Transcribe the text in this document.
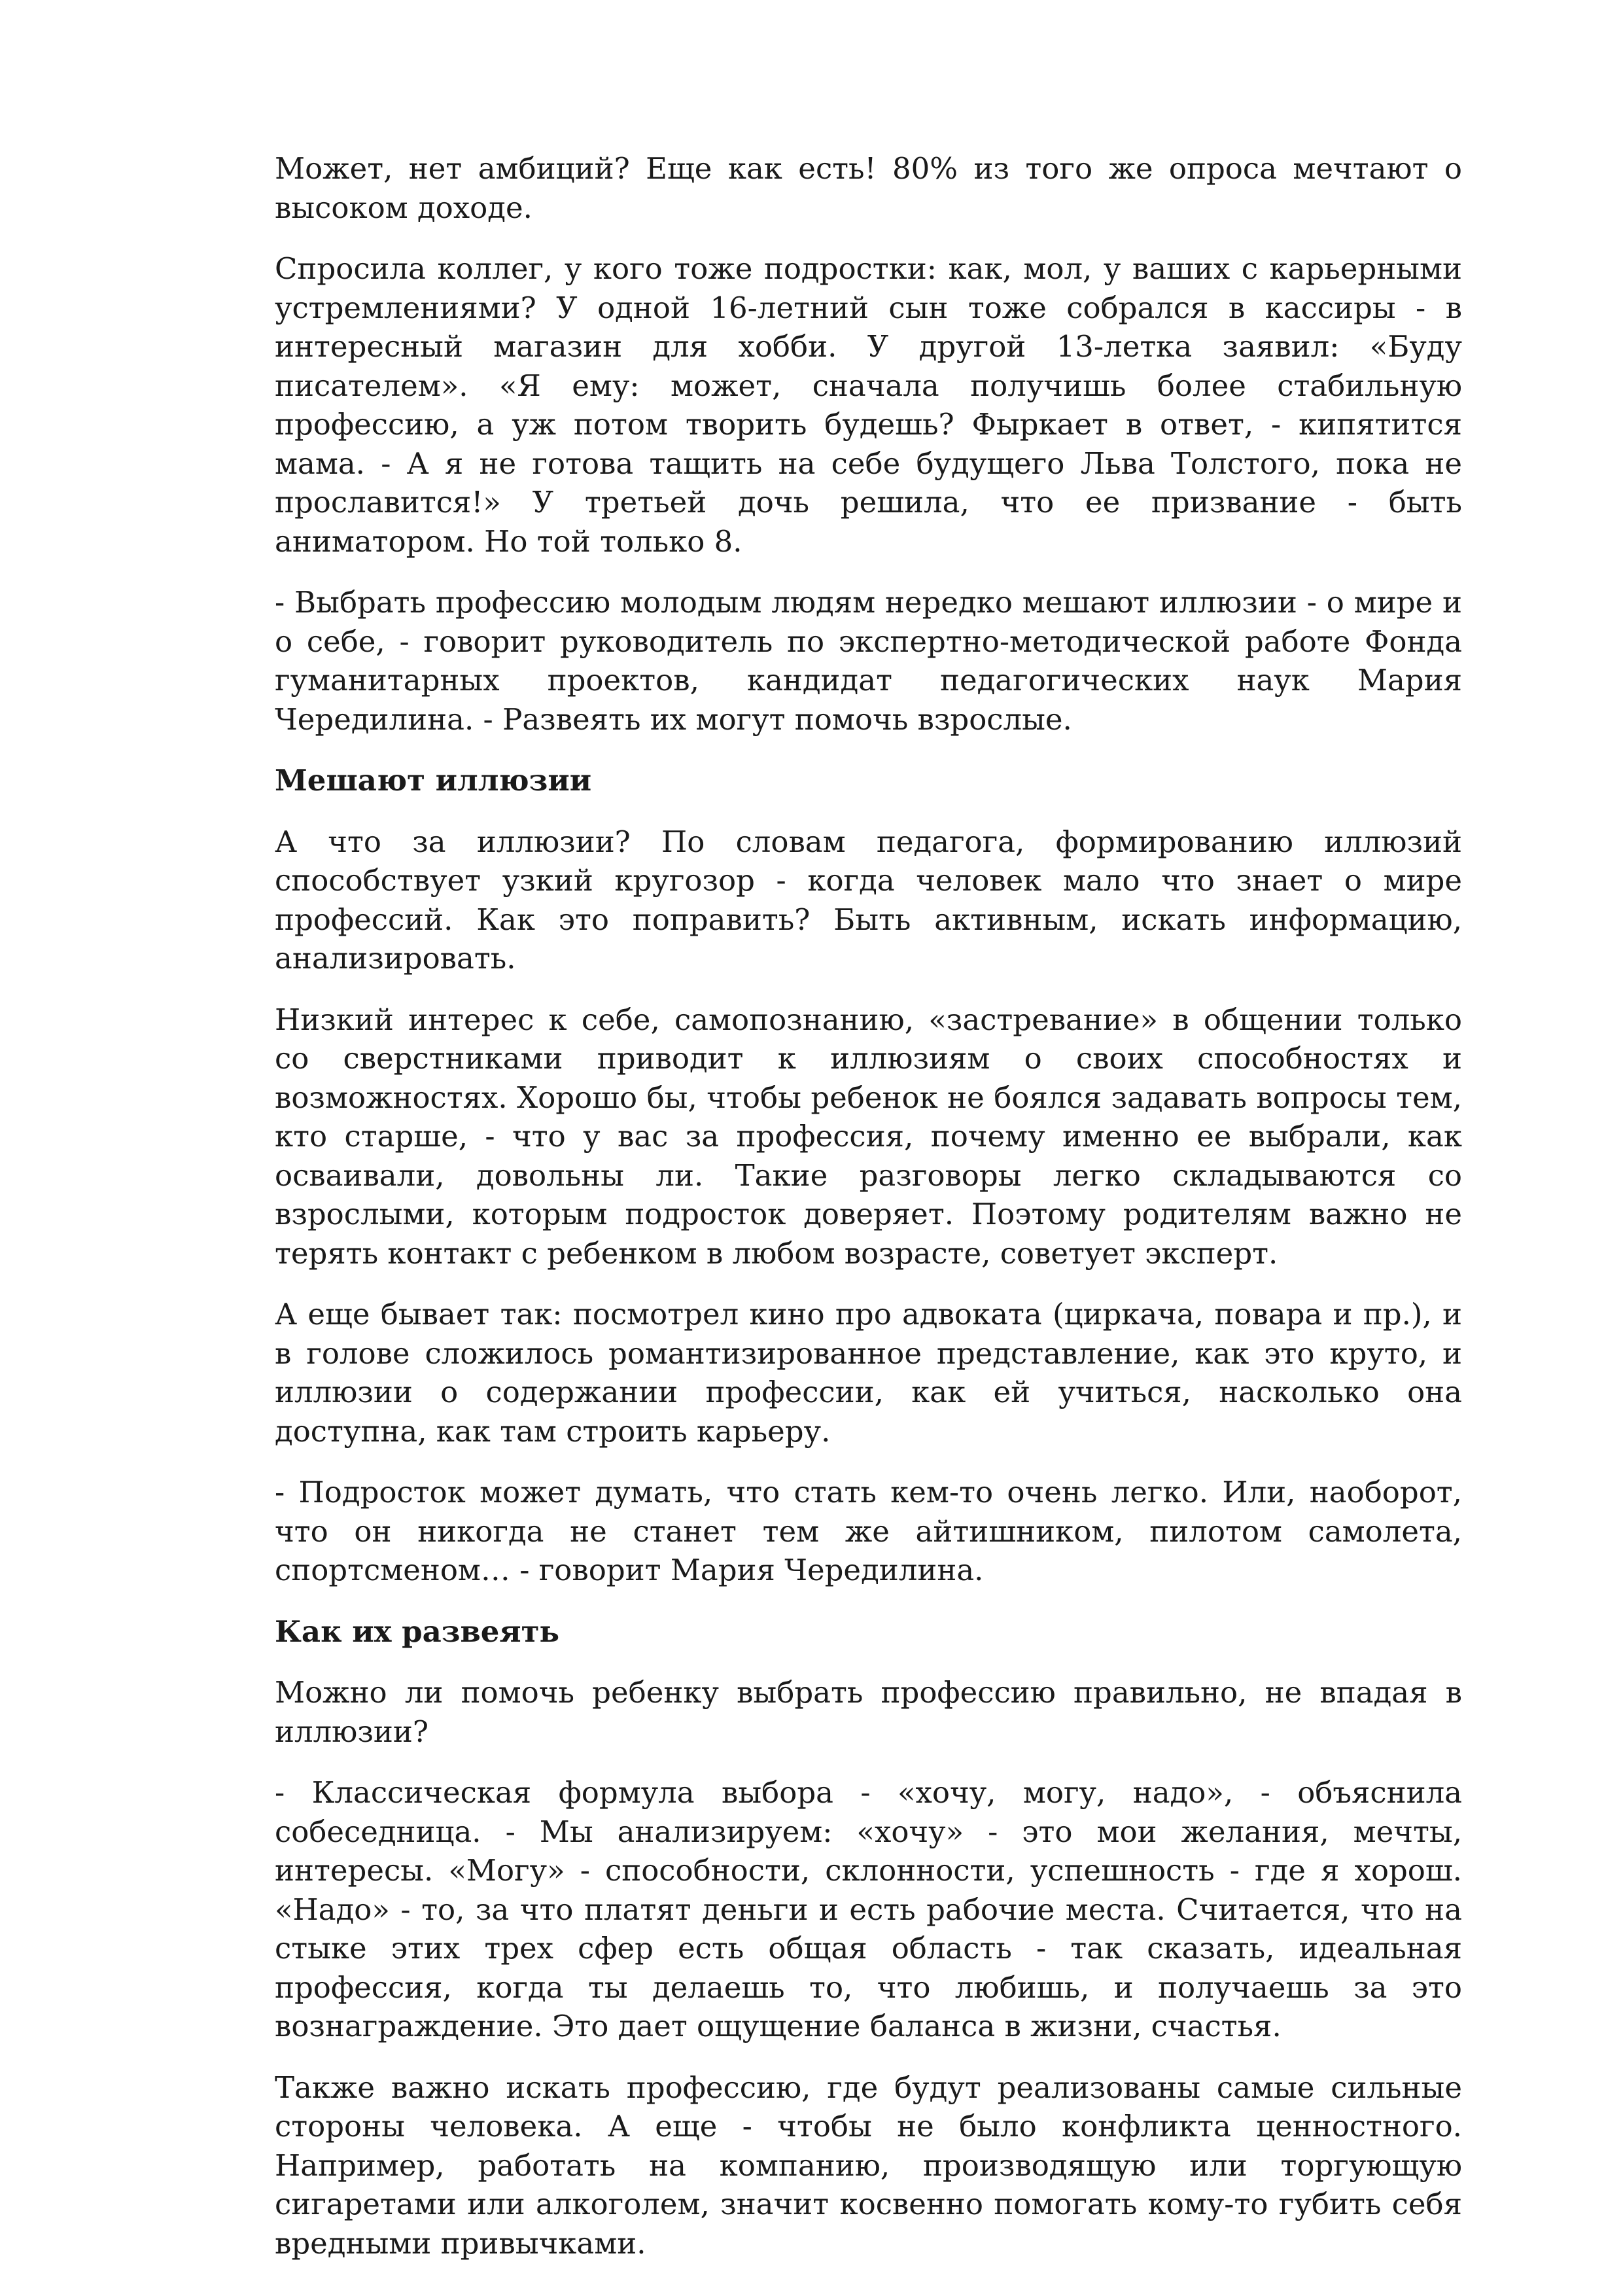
Может, нет амбиций? Еще как есть! 80% из того же опроса мечтают о высоком доходе.

Спросила коллег, у кого тоже подростки: как, мол, у ваших с карьерными устремлениями? У одной 16-летний сын тоже собрался в кассиры - в интересный магазин для хобби. У другой 13-летка заявил: «Буду писателем». «Я ему: может, сначала получишь более стабильную профессию, а уж потом творить будешь? Фыркает в ответ, - кипятится мама. - А я не готова тащить на себе будущего Льва Толстого, пока не прославится!» У третьей дочь решила, что ее призвание - быть аниматором. Но той только 8.

- Выбрать профессию молодым людям нередко мешают иллюзии - о мире и о себе, - говорит руководитель по экспертно-методической работе Фонда гуманитарных проектов, кандидат педагогических наук Мария Чередилина. - Развеять их могут помочь взрослые.

Мешают иллюзии

А что за иллюзии? По словам педагога, формированию иллюзий способствует узкий кругозор - когда человек мало что знает о мире профессий. Как это поправить? Быть активным, искать информацию, анализировать.

Низкий интерес к себе, самопознанию, «застревание» в общении только со сверстниками приводит к иллюзиям о своих способностях и возможностях. Хорошо бы, чтобы ребенок не боялся задавать вопросы тем, кто старше, - что у вас за профессия, почему именно ее выбрали, как осваивали, довольны ли. Такие разговоры легко складываются со взрослыми, которым подросток доверяет. Поэтому родителям важно не терять контакт с ребенком в любом возрасте, советует эксперт.

А еще бывает так: посмотрел кино про адвоката (циркача, повара и пр.), и в голове сложилось романтизированное представление, как это круто, и иллюзии о содержании профессии, как ей учиться, насколько она доступна, как там строить карьеру.

- Подросток может думать, что стать кем-то очень легко. Или, наоборот, что он никогда не станет тем же айтишником, пилотом самолета, спортсменом… - говорит Мария Чередилина.

Как их развеять

Можно ли помочь ребенку выбрать профессию правильно, не впадая в иллюзии?

- Классическая формула выбора - «хочу, могу, надо», - объяснила собеседница. - Мы анализируем: «хочу» - это мои желания, мечты, интересы. «Могу» - способности, склонности, успешность - где я хорош. «Надо» - то, за что платят деньги и есть рабочие места. Считается, что на стыке этих трех сфер есть общая область - так сказать, идеальная профессия, когда ты делаешь то, что любишь, и получаешь за это вознаграждение. Это дает ощущение баланса в жизни, счастья.

Также важно искать профессию, где будут реализованы самые сильные стороны человека. А еще - чтобы не было конфликта ценностного. Например, работать на компанию, производящую или торгующую сигаретами или алкоголем, значит косвенно помогать кому-то губить себя вредными привычками.
